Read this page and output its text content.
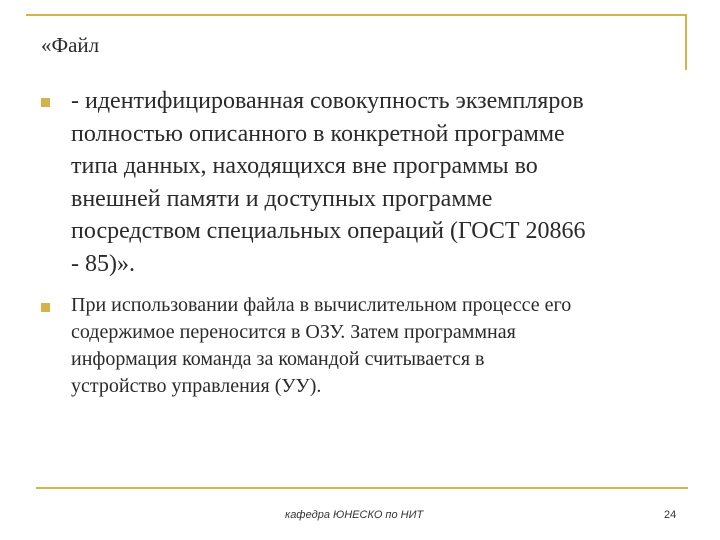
«Файл
- идентифицированная совокупность экземпляров
полностью описанного в конкретной программе
типа данных, находящихся вне программы во
внешней памяти и доступных программе
посредством специальных операций (ГОСТ 20866
- 85)».
При использовании файла в вычислительном процессе его
содержимое переносится в ОЗУ. Затем программная
информация команда за командой считывается в
устройство управления (УУ).
кафедра ЮНЕСКО по НИТ	24
